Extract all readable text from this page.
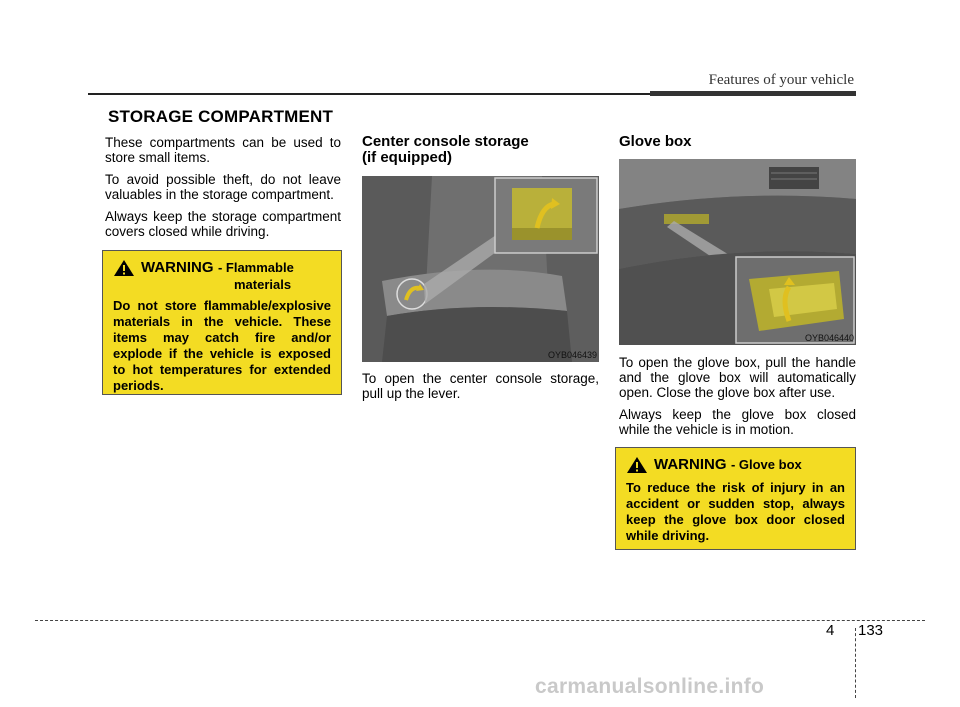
Features of your vehicle
STORAGE COMPARTMENT

These compartments can be used to store small items.

To avoid possible theft, do not leave valuables in the storage compartment.

Always keep the storage compartment covers closed while driving.

WARNING - Flammable
materials
Do not store flammable/explosive materials in the vehicle. These items may catch fire and/or explode if the vehicle is exposed to hot temperatures for extended periods.
Center console storage
(if equipped)
OYB046439
To open the center console storage, pull up the lever.
Glove box
OYB046440

To open the glove box, pull the handle and the glove box will automatically open. Close the glove box after use.

Always keep the glove box closed while the vehicle is in motion.

WARNING - Glove box
To reduce the risk of injury in an accident or sudden stop, always keep the glove box door closed while driving.
4 133
carmanualsonline.info
